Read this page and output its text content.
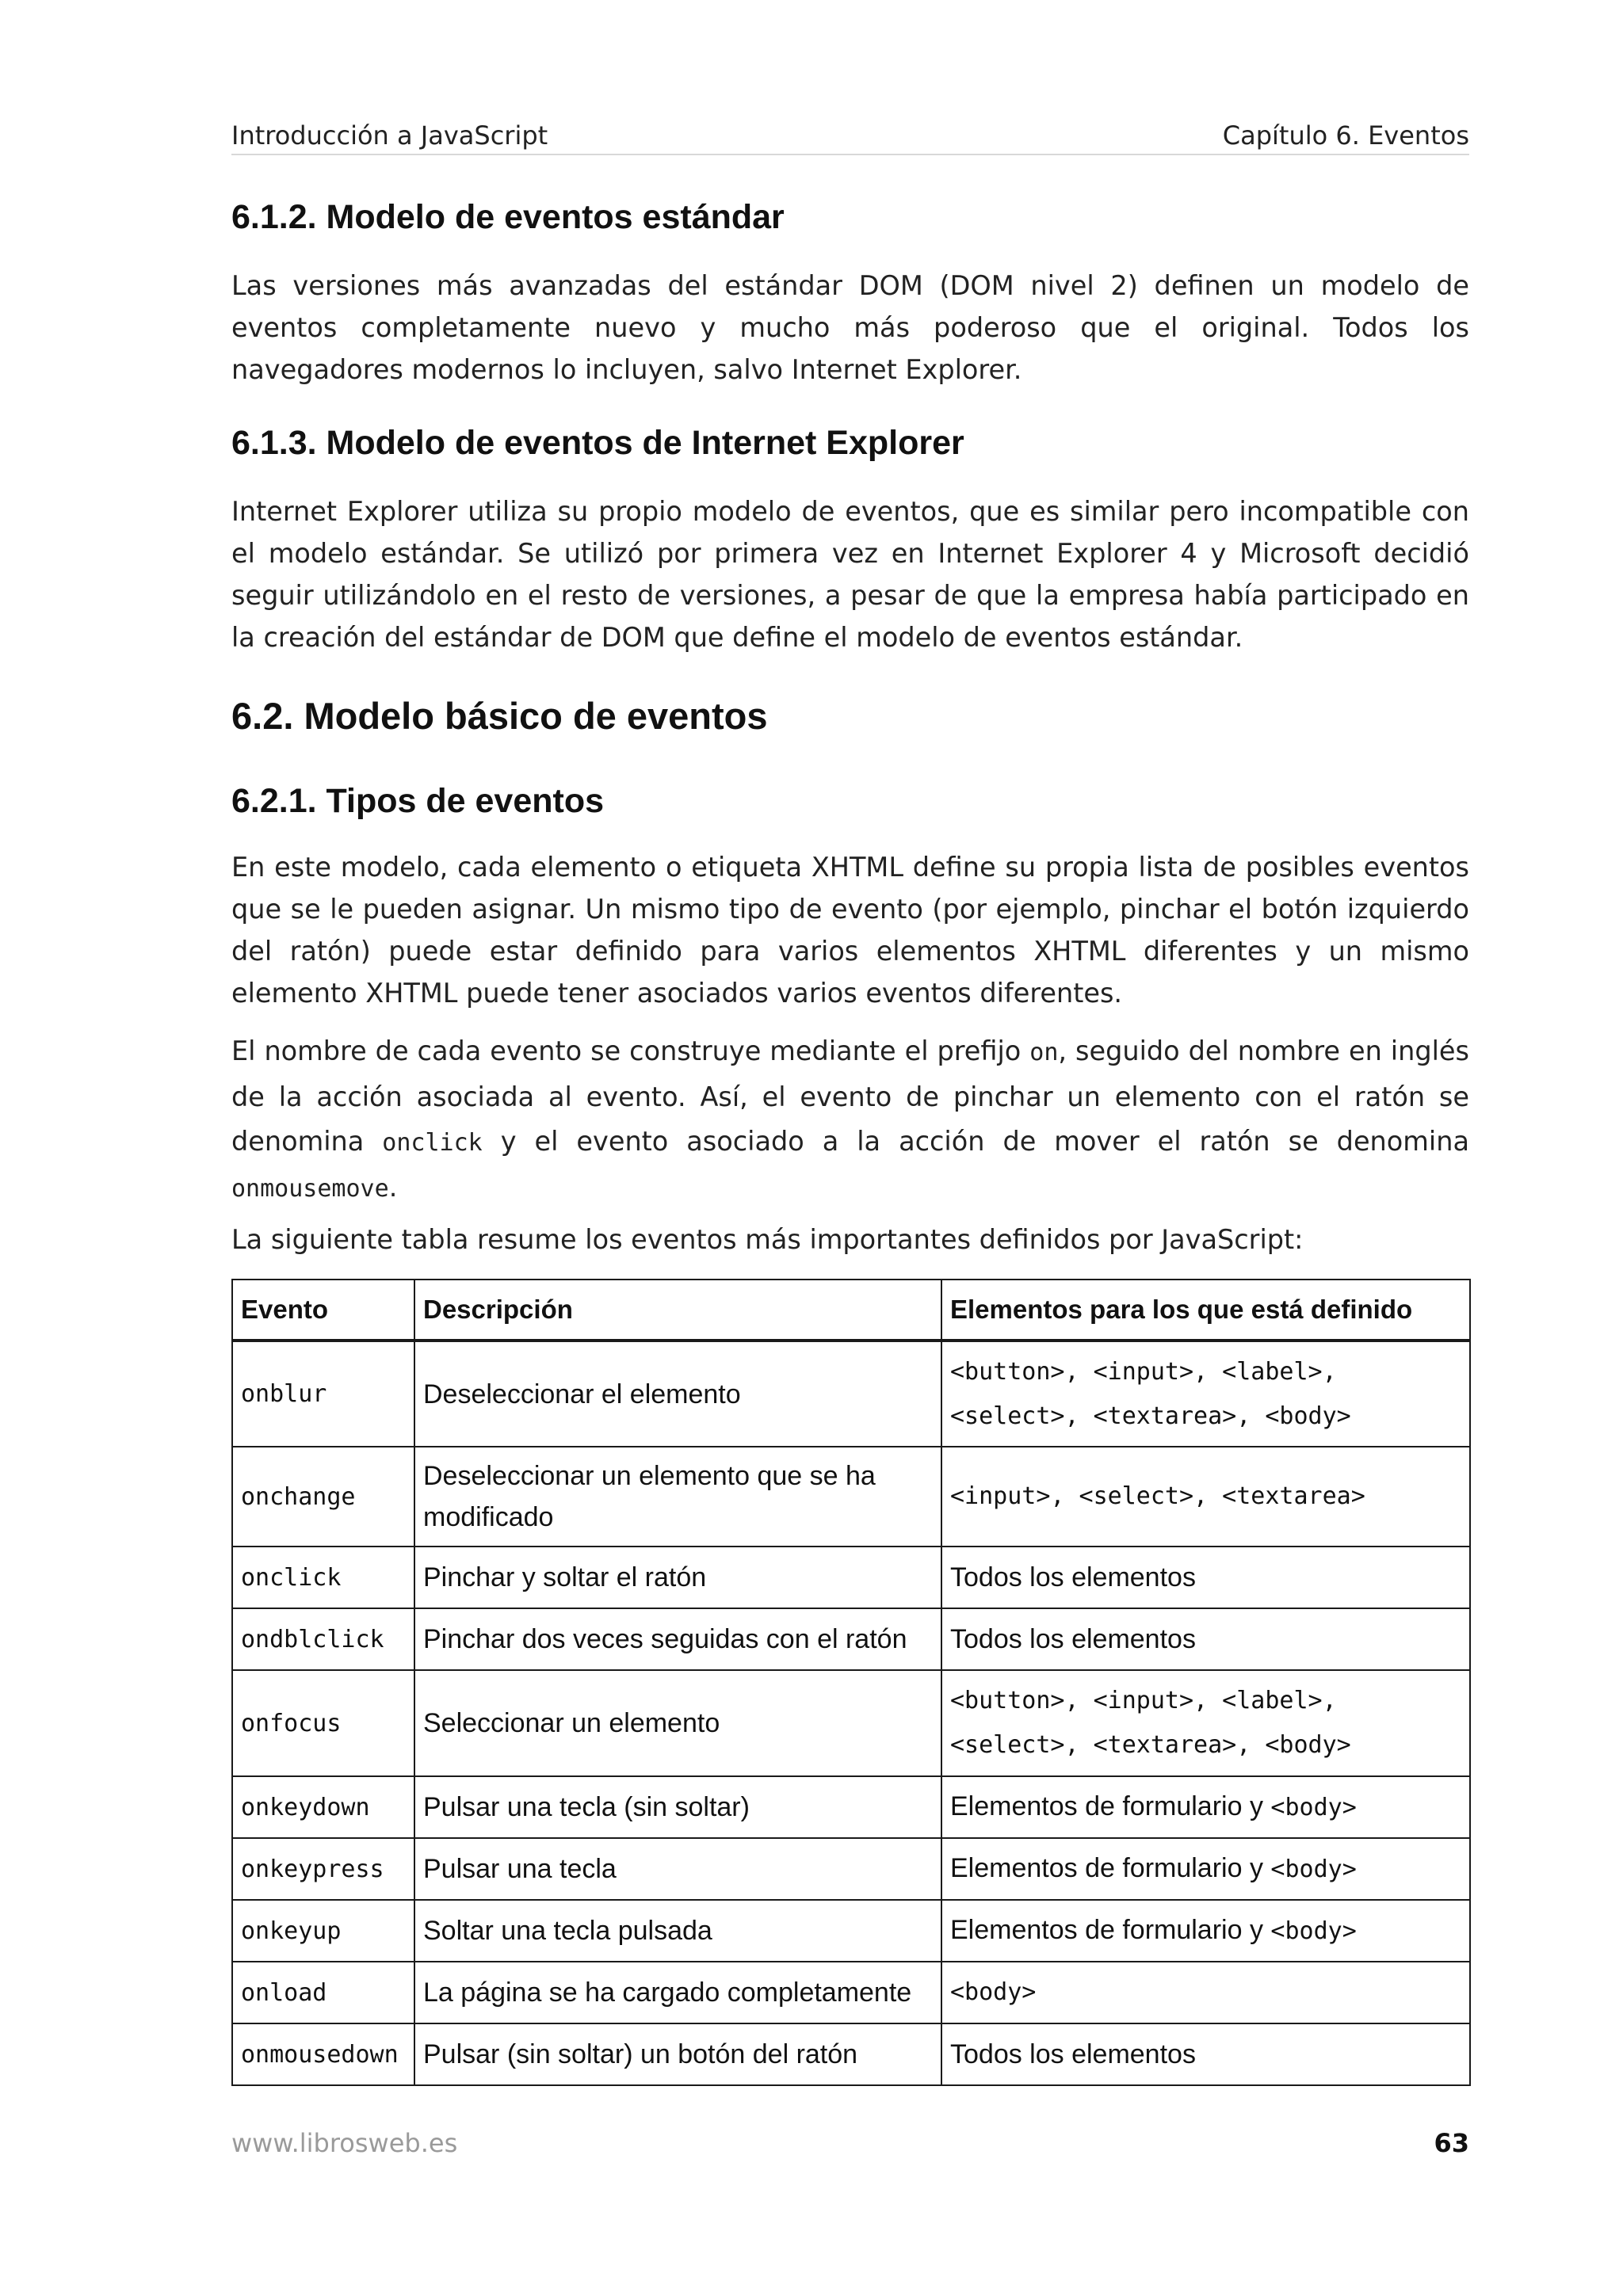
Introducción a JavaScript	Capítulo 6. Eventos
6.1.2. Modelo de eventos estándar

Las versiones más avanzadas del estándar DOM (DOM nivel 2) definen un modelo de eventos completamente nuevo y mucho más poderoso que el original. Todos los navegadores modernos lo incluyen, salvo Internet Explorer.

6.1.3. Modelo de eventos de Internet Explorer

Internet Explorer utiliza su propio modelo de eventos, que es similar pero incompatible con el modelo estándar. Se utilizó por primera vez en Internet Explorer 4 y Microsoft decidió seguir utilizándolo en el resto de versiones, a pesar de que la empresa había participado en la creación del estándar de DOM que define el modelo de eventos estándar.

6.2. Modelo básico de eventos
6.2.1. Tipos de eventos

En este modelo, cada elemento o etiqueta XHTML define su propia lista de posibles eventos que se le pueden asignar. Un mismo tipo de evento (por ejemplo, pinchar el botón izquierdo del ratón) puede estar definido para varios elementos XHTML diferentes y un mismo elemento XHTML puede tener asociados varios eventos diferentes.

El nombre de cada evento se construye mediante el prefijo on, seguido del nombre en inglés de la acción asociada al evento. Así, el evento de pinchar un elemento con el ratón se denomina onclick y el evento asociado a la acción de mover el ratón se denomina onmousemove.

La siguiente tabla resume los eventos más importantes definidos por JavaScript:

Evento	Descripción	Elementos para los que está definido
onblur	Deseleccionar el elemento	<button>, <input>, <label>, <select>, <textarea>, <body>
onchange	Deseleccionar un elemento que se ha modificado	<input>, <select>, <textarea>
onclick	Pinchar y soltar el ratón	Todos los elementos
ondblclick	Pinchar dos veces seguidas con el ratón	Todos los elementos
onfocus	Seleccionar un elemento	<button>, <input>, <label>, <select>, <textarea>, <body>
onkeydown	Pulsar una tecla (sin soltar)	Elementos de formulario y <body>
onkeypress	Pulsar una tecla	Elementos de formulario y <body>
onkeyup	Soltar una tecla pulsada	Elementos de formulario y <body>
onload	La página se ha cargado completamente	<body>
onmousedown	Pulsar (sin soltar) un botón del ratón	Todos los elementos
www.librosweb.es	63
